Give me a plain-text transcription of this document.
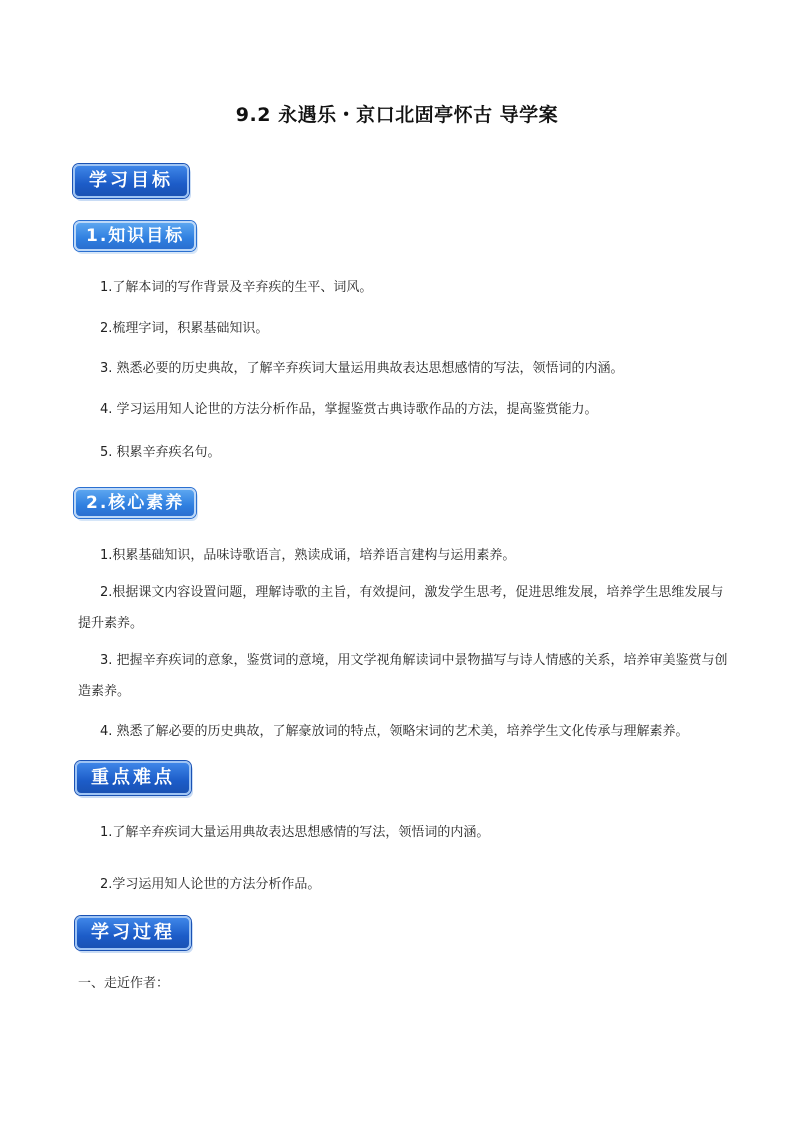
9.2 永遇乐・京口北固亭怀古 导学案
学习目标
1.知识目标
1.了解本词的写作背景及辛弃疾的生平、词风。
2.梳理字词，积累基础知识。
3. 熟悉必要的历史典故，了解辛弃疾词大量运用典故表达思想感情的写法，领悟词的内涵。
4. 学习运用知人论世的方法分析作品，掌握鉴赏古典诗歌作品的方法，提高鉴赏能力。
5. 积累辛弃疾名句。
2.核心素养
1.积累基础知识，品味诗歌语言，熟读成诵，培养语言建构与运用素养。
2.根据课文内容设置问题，理解诗歌的主旨，有效提问，激发学生思考，促进思维发展，培养学生思维发展与提升素养。
3. 把握辛弃疾词的意象，鉴赏词的意境，用文学视角解读词中景物描写与诗人情感的关系，培养审美鉴赏与创造素养。
4. 熟悉了解必要的历史典故，了解豪放词的特点，领略宋词的艺术美，培养学生文化传承与理解素养。
重点难点
1.了解辛弃疾词大量运用典故表达思想感情的写法，领悟词的内涵。
2.学习运用知人论世的方法分析作品。
学习过程
一、走近作者：
